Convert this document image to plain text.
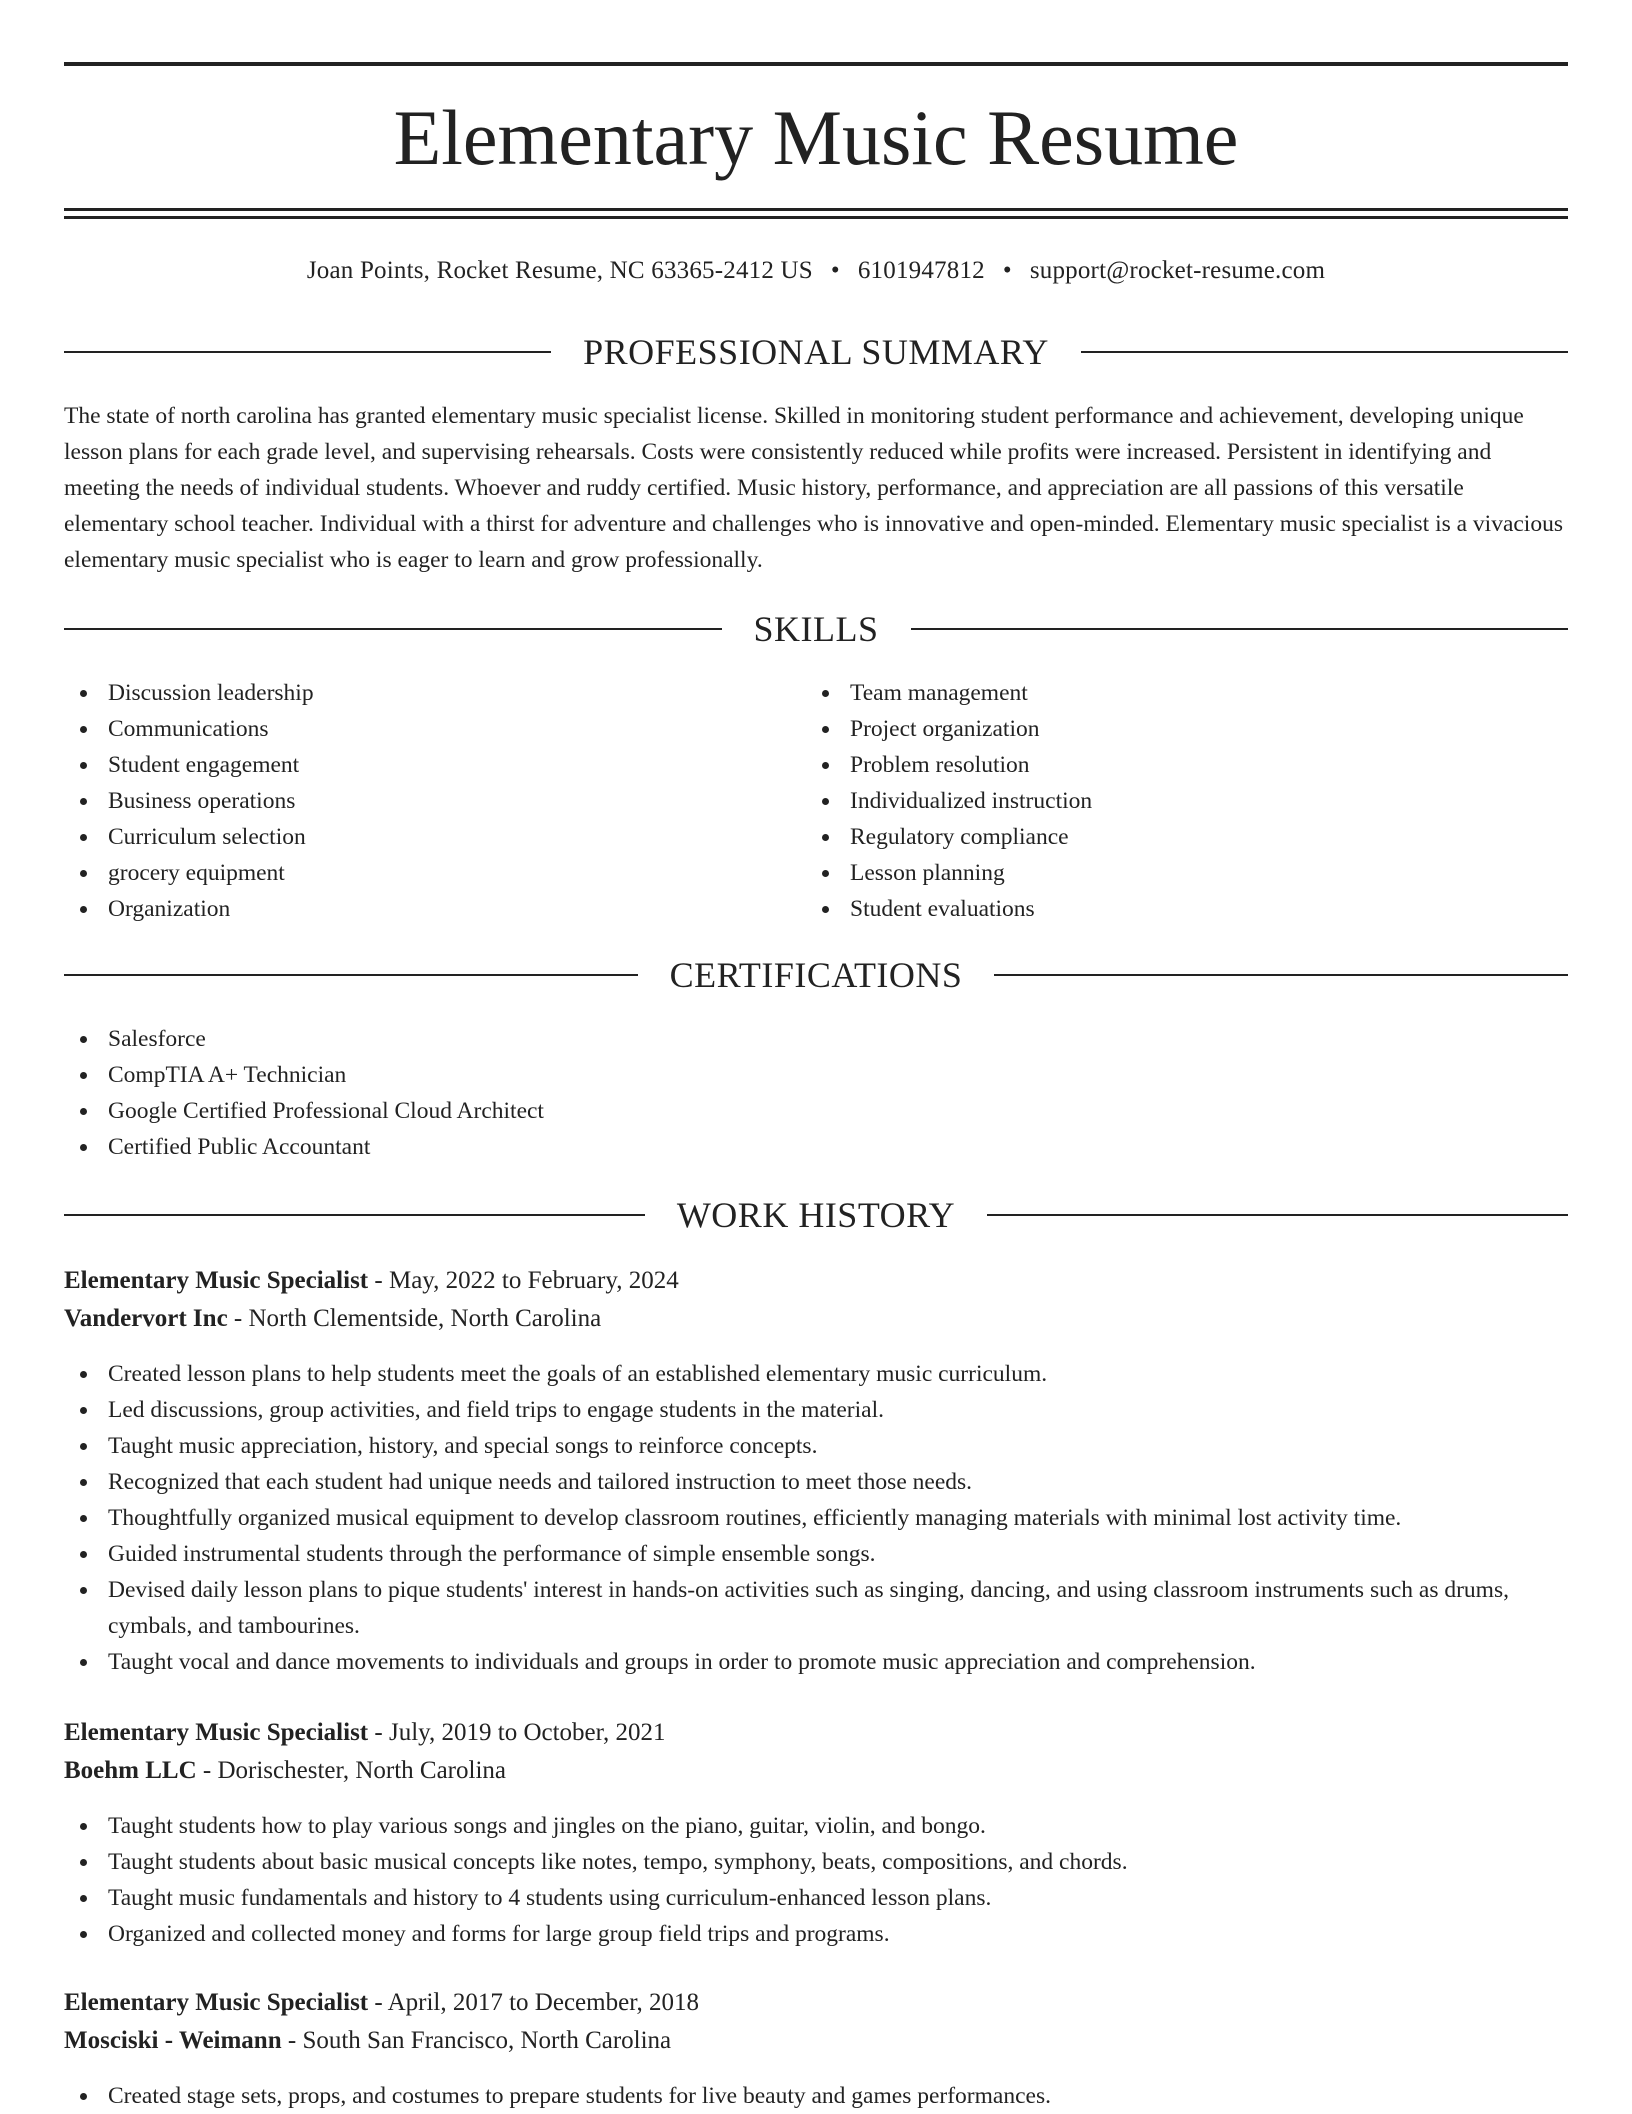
Elementary Music Resume
Joan Points, Rocket Resume, NC 63365-2412 US • 6101947812 • support@rocket-resume.com
PROFESSIONAL SUMMARY

The state of north carolina has granted elementary music specialist license. Skilled in monitoring student performance and achievement, developing unique lesson plans for each grade level, and supervising rehearsals. Costs were consistently reduced while profits were increased. Persistent in identifying and meeting the needs of individual students. Whoever and ruddy certified. Music history, performance, and appreciation are all passions of this versatile elementary school teacher. Individual with a thirst for adventure and challenges who is innovative and open-minded. Elementary music specialist is a vivacious elementary music specialist who is eager to learn and grow professionally.

SKILLS
Discussion leadership
Communications
Student engagement
Business operations
Curriculum selection
grocery equipment
Organization
Team management
Project organization
Problem resolution
Individualized instruction
Regulatory compliance
Lesson planning
Student evaluations
CERTIFICATIONS
Salesforce
CompTIA A+ Technician
Google Certified Professional Cloud Architect
Certified Public Accountant
WORK HISTORY
Elementary Music Specialist - May, 2022 to February, 2024
Vandervort Inc - North Clementside, North Carolina
Created lesson plans to help students meet the goals of an established elementary music curriculum.
Led discussions, group activities, and field trips to engage students in the material.
Taught music appreciation, history, and special songs to reinforce concepts.
Recognized that each student had unique needs and tailored instruction to meet those needs.
Thoughtfully organized musical equipment to develop classroom routines, efficiently managing materials with minimal lost activity time.
Guided instrumental students through the performance of simple ensemble songs.
Devised daily lesson plans to pique students' interest in hands-on activities such as singing, dancing, and using classroom instruments such as drums, cymbals, and tambourines.
Taught vocal and dance movements to individuals and groups in order to promote music appreciation and comprehension.
Elementary Music Specialist - July, 2019 to October, 2021
Boehm LLC - Dorischester, North Carolina
Taught students how to play various songs and jingles on the piano, guitar, violin, and bongo.
Taught students about basic musical concepts like notes, tempo, symphony, beats, compositions, and chords.
Taught music fundamentals and history to 4 students using curriculum-enhanced lesson plans.
Organized and collected money and forms for large group field trips and programs.
Elementary Music Specialist - April, 2017 to December, 2018
Mosciski - Weimann - South San Francisco, North Carolina
Created stage sets, props, and costumes to prepare students for live beauty and games performances.
